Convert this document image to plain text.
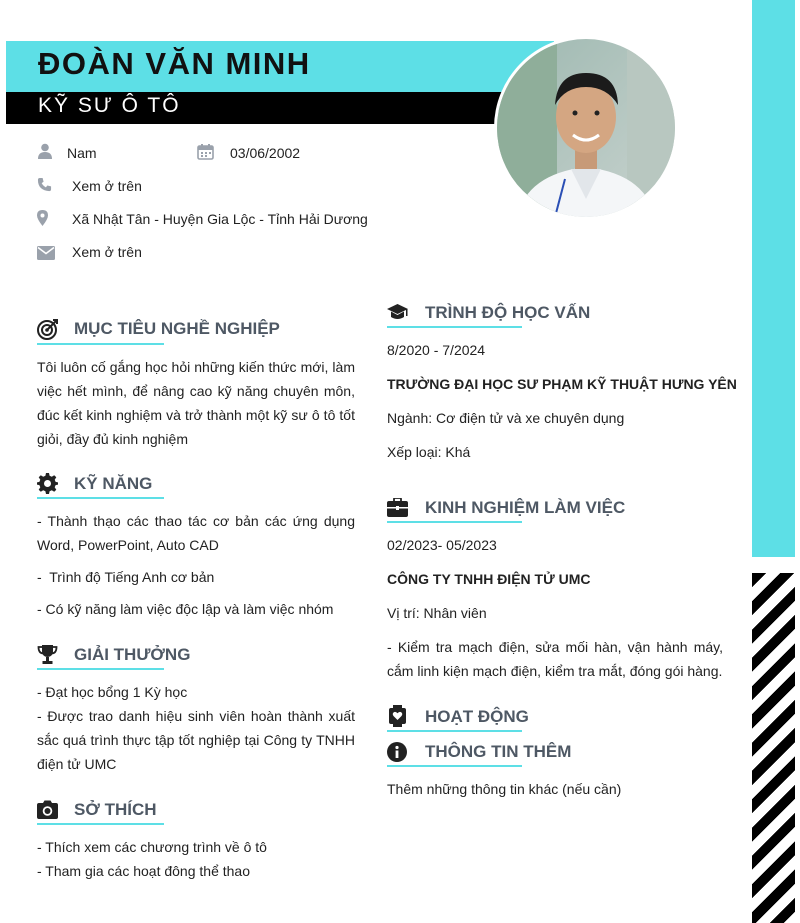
ĐOÀN VĂN MINH
KỸ SƯ Ô TÔ
Nam	03/06/2002
Xem ở trên
Xã Nhật Tân - Huyện Gia Lộc - Tỉnh Hải Dương
Xem ở trên
MỤC TIÊU NGHỀ NGHIỆP
Tôi luôn cố gắng học hỏi những kiến thức mới, làm việc hết mình, để nâng cao kỹ năng chuyên môn, đúc kết kinh nghiệm và trở thành một kỹ sư ô tô tốt giỏi, đầy đủ kinh nghiệm
KỸ NĂNG
- Thành thạo các thao tác cơ bản các ứng dụng Word, PowerPoint, Auto CAD
-  Trình độ Tiếng Anh cơ bản
- Có kỹ năng làm việc độc lập và làm việc nhóm
GIẢI THƯỞNG
- Đạt học bổng 1 Kỳ học
- Được trao danh hiệu sinh viên hoàn thành xuất sắc quá trình thực tập tốt nghiệp tại Công ty TNHH điện tử UMC
SỞ THÍCH
- Thích xem các chương trình về ô tô
- Tham gia các hoạt đông thể thao
TRÌNH ĐỘ HỌC VẤN
8/2020 - 7/2024
TRƯỜNG ĐẠI HỌC SƯ PHẠM KỸ THUẬT HƯNG YÊN
Ngành: Cơ điện tử và xe chuyên dụng
Xếp loại: Khá
KINH NGHIỆM LÀM VIỆC
02/2023- 05/2023
CÔNG TY TNHH ĐIỆN TỬ UMC
Vị trí: Nhân viên
- Kiểm tra mạch điện, sửa mối hàn, vận hành máy, cắm linh kiện mạch điện, kiểm tra mắt, đóng gói hàng.
HOẠT ĐỘNG
THÔNG TIN THÊM
Thêm những thông tin khác (nếu cần)
